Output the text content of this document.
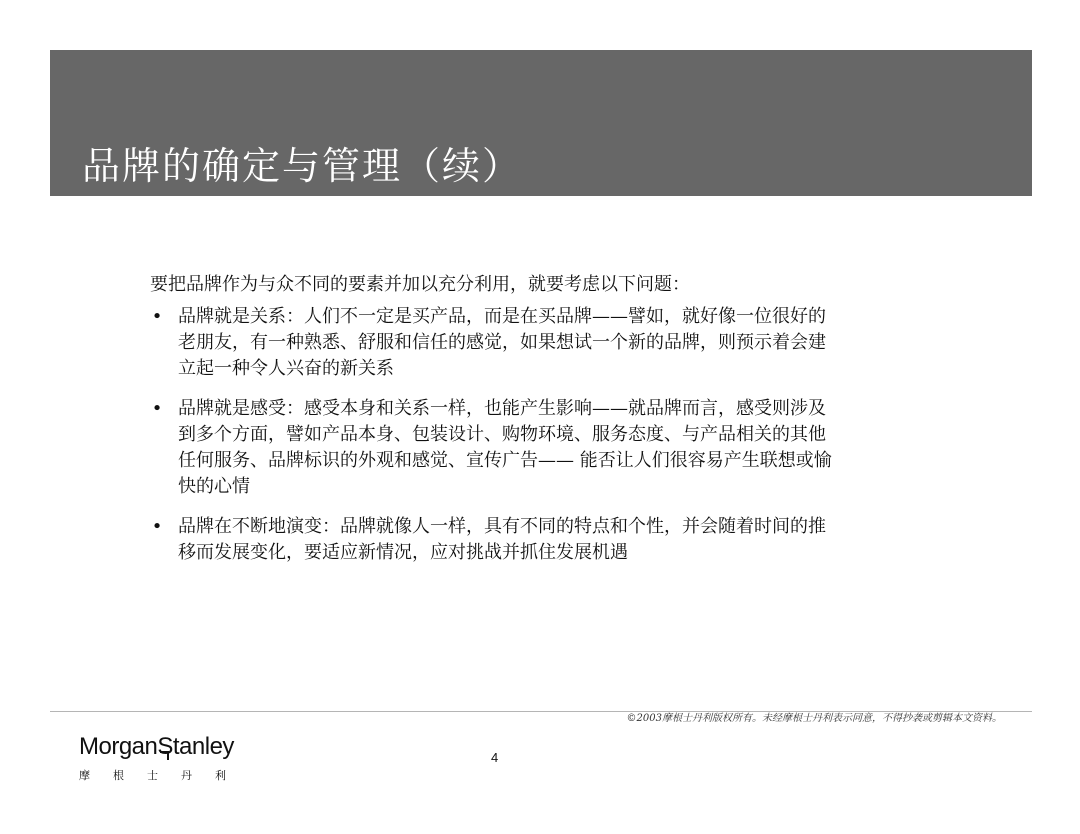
品牌的确定与管理（续）

要把品牌作为与众不同的要素并加以充分利用，就要考虑以下问题：

• 品牌就是关系：人们不一定是买产品，而是在买品牌——譬如，就好像一位很好的
老朋友，有一种熟悉、舒服和信任的感觉，如果想试一个新的品牌，则预示着会建
立起一种令人兴奋的新关系
• 品牌就是感受：感受本身和关系一样，也能产生影响——就品牌而言，感受则涉及
到多个方面，譬如产品本身、包装设计、购物环境、服务态度、与产品相关的其他
任何服务、品牌标识的外观和感觉、宣传广告—— 能否让人们很容易产生联想或愉
快的心情
• 品牌在不断地演变：品牌就像人一样，具有不同的特点和个性，并会随着时间的推
移而发展变化，要适应新情况，应对挑战并抓住发展机遇
©2003摩根士丹利版权所有。未经摩根士丹利表示同意，不得抄袭或剪辑本文资料。
MorganStanley
摩根士丹利
4
